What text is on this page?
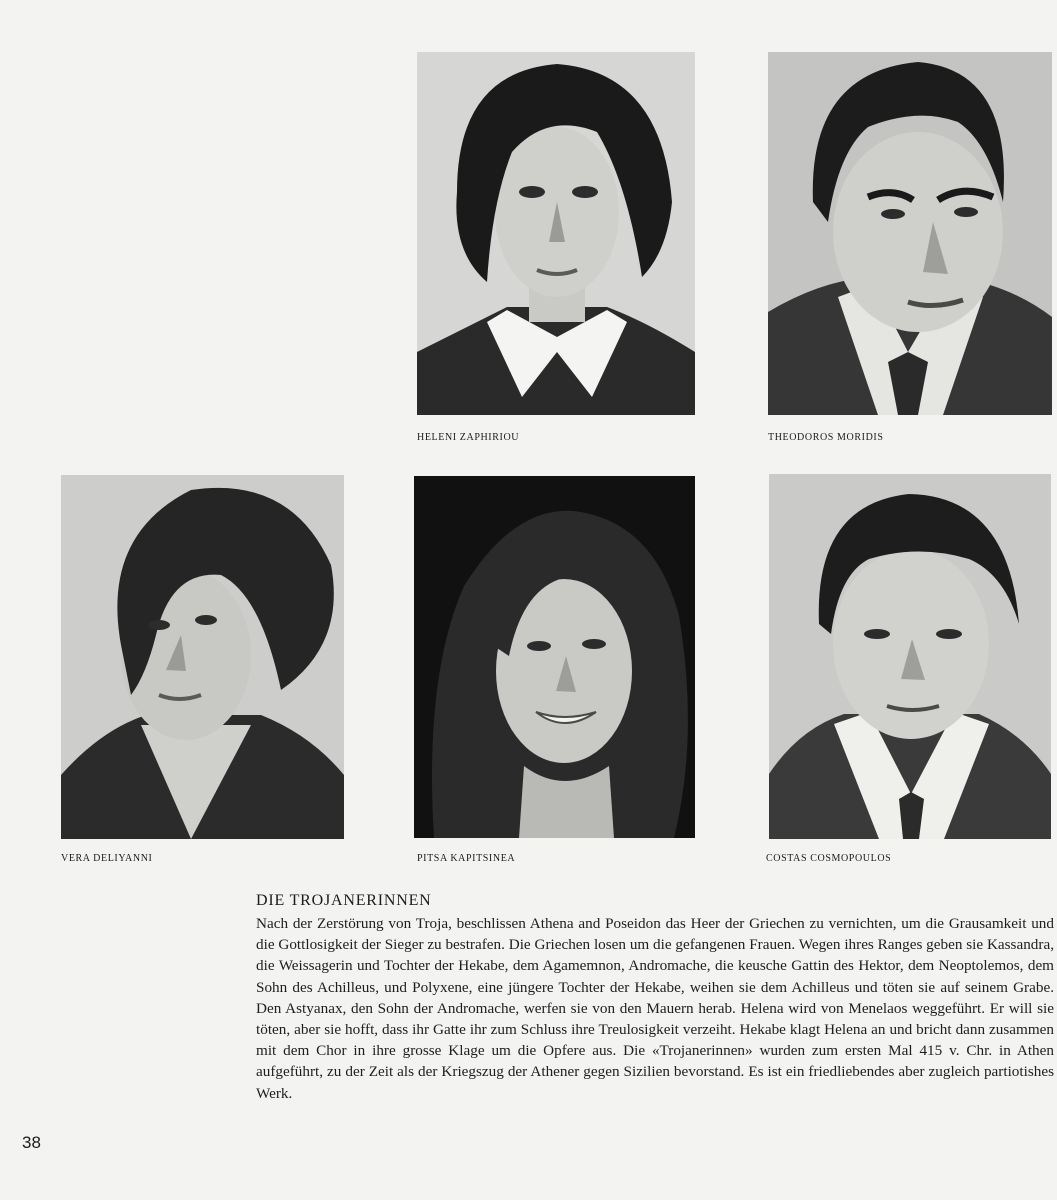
HELENI ZAPHIRIOU	THEODOROS MORIDIS
VERA DELIYANNI	PITSA KAPITSINEA	COSTAS COSMOPOULOS
DIE TROJANERINNEN

Nach der Zerstörung von Troja, beschlissen Athena and Poseidon das Heer der Griechen zu vernichten, um die Grausamkeit und die Gottlosigkeit der Sieger zu bestrafen. Die Griechen losen um die gefangenen Frauen. Wegen ihres Ranges geben sie Kassandra, die Weissagerin und Tochter der Hekabe, dem Agamemnon, Andromache, die keusche Gattin des Hektor, dem Neoptolemos, dem Sohn des Achilleus, und Polyxene, eine jüngere Tochter der Hekabe, weihen sie dem Achilleus und töten sie auf seinem Grabe. Den Astyanax, den Sohn der Andromache, werfen sie von den Mauern herab. Helena wird von Menelaos weggeführt. Er will sie töten, aber sie hofft, dass ihr Gatte ihr zum Schluss ihre Treulosigkeit verzeiht. Hekabe klagt Helena an und bricht dann zusammen mit dem Chor in ihre grosse Klage um die Opfere aus. Die «Trojanerinnen» wurden zum ersten Mal 415 v. Chr. in Athen aufgeführt, zu der Zeit als der Kriegszug der Athener gegen Sizilien bevorstand. Es ist ein friedliebendes aber zugleich partiotishes Werk.

38
